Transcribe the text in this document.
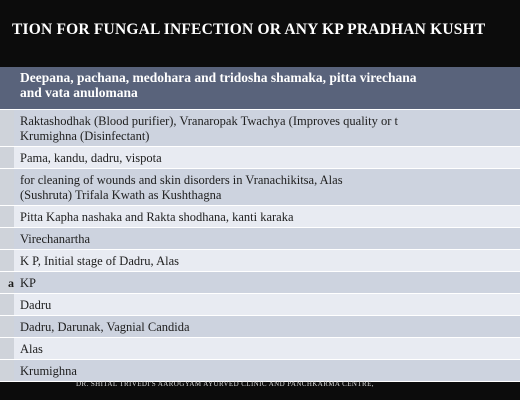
TION FOR FUNGAL INFECTION OR ANY KP PRADHAN KUSHT

	Deepana, pachana, medohara and tridosha shamaka, pitta virechana
and vata anulomana

	Raktashodhak (Blood purifier), Vranaropak Twachya (Improves quality or t
Krumighna (Disinfectant)

	Pama, kandu, dadru, vispota

	for cleaning of wounds and skin disorders in Vranachikitsa, Alas
(Sushruta) Trifala Kwath as Kushthagna

	Pitta Kapha nashaka and Rakta shodhana, kanti karaka

	Virechanartha

	K P, Initial stage of Dadru, Alas

a	KP

	Dadru

	Dadru, Darunak, Vagnial Candida

	Alas

	Krumighna
DR. SHITAL TRIVEDI'S AAROGYAM AYURVED CLINIC AND PANCHKARMA CENTRE,
